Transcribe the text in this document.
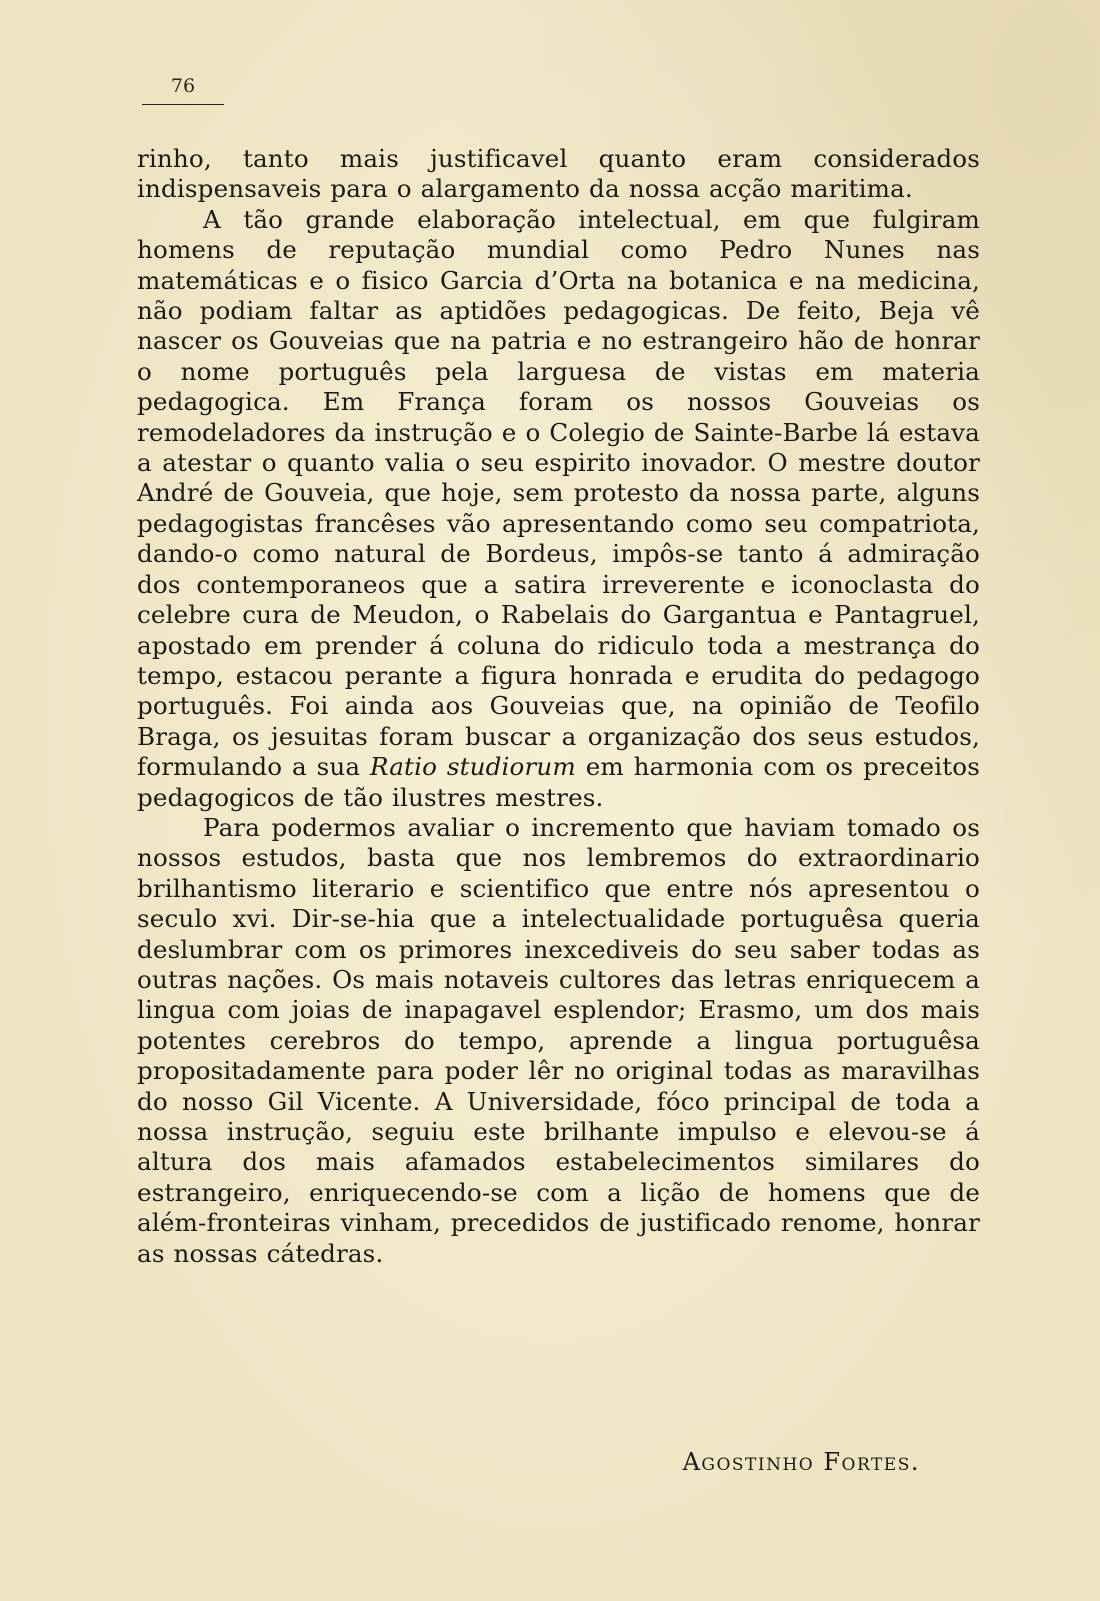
76

rinho, tanto mais justificavel quanto eram considerados indispensaveis para o alargamento da nossa acção maritima.

A tão grande elaboração intelectual, em que fulgiram homens de reputação mundial como Pedro Nunes nas matemáticas e o fisico Garcia d’Orta na botanica e na medicina, não podiam faltar as aptidões pedagogicas. De feito, Beja vê nascer os Gouveias que na patria e no estrangeiro hão de honrar o nome português pela larguesa de vistas em materia pedagogica. Em França foram os nossos Gouveias os remodeladores da instrução e o Colegio de Sainte-Barbe lá estava a atestar o quanto valia o seu espirito inovador. O mestre doutor André de Gouveia, que hoje, sem protesto da nossa parte, alguns pedagogistas francêses vão apresentando como seu compatriota, dando-o como natural de Bordeus, impôs-se tanto á admiração dos contemporaneos que a satira irreverente e iconoclasta do celebre cura de Meudon, o Rabelais do Gargantua e Pantagruel, apostado em prender á coluna do ridiculo toda a mestrança do tempo, estacou perante a figura honrada e erudita do pedagogo português. Foi ainda aos Gouveias que, na opinião de Teofilo Braga, os jesuitas foram buscar a organização dos seus estudos, formulando a sua Ratio studiorum em harmonia com os preceitos pedagogicos de tão ilustres mestres.

Para podermos avaliar o incremento que haviam tomado os nossos estudos, basta que nos lembremos do extraordinario brilhantismo literario e scientifico que entre nós apresentou o seculo xvi. Dir-se-hia que a intelectualidade portuguêsa queria deslumbrar com os primores inexcediveis do seu saber todas as outras nações. Os mais notaveis cultores das letras enriquecem a lingua com joias de inapagavel esplendor; Erasmo, um dos mais potentes cerebros do tempo, aprende a lingua portuguêsa propositadamente para poder lêr no original todas as maravilhas do nosso Gil Vicente. A Universidade, fóco principal de toda a nossa instrução, seguiu este brilhante impulso e elevou-se á altura dos mais afamados estabelecimentos similares do estrangeiro, enriquecendo-se com a lição de homens que de além-fronteiras vinham, precedidos de justificado renome, honrar as nossas cátedras.

Agostinho Fortes.
